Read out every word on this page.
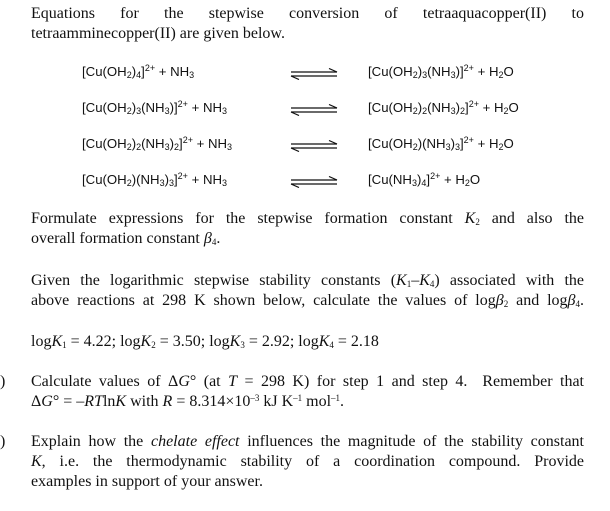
Equations for the stepwise conversion of tetraaquacopper(II) to
tetraamminecopper(II) are given below.
$[Cu(OH_2)_4]^{2+} + NH_3$	$[Cu(OH_2)_3(NH_3)]^{2+} + H_2O$
$[Cu(OH_2)_3(NH_3)]^{2+} + NH_3$	$[Cu(OH_2)_2(NH_3)_2]^{2+} + H_2O$
$[Cu(OH_2)_2(NH_3)_2]^{2+} + NH_3$	$[Cu(OH_2)(NH_3)_3]^{2+} + H_2O$
$[Cu(OH_2)(NH_3)_3]^{2+} + NH_3$	$[Cu(NH_3)_4]^{2+} + H_2O$
Formulate expressions for the stepwise formation constant $K_2$ and also the
overall formation constant $\beta_4$.
Given the logarithmic stepwise stability constants $(K_1-K_4)$ associated with the
above reactions at 298 K shown below, calculate the values of logβ$_2$ and logβ$_4$.
logK$_1$ = 4.22; logK$_2$ = 3.50; logK$_3$ = 2.92; logK$_4$ = 2.18
) Calculate values of ΔG° (at T = 298 K) for step 1 and step 4.  Remember that
ΔG° = –RTlnK with $R = 8.314\times 10^{-3}$ kJ $K^{-1}$ mol$^{-1}$.
) Explain how the chelate effect influences the magnitude of the stability constant
K, i.e. the thermodynamic stability of a coordination compound. Provide
examples in support of your answer.
